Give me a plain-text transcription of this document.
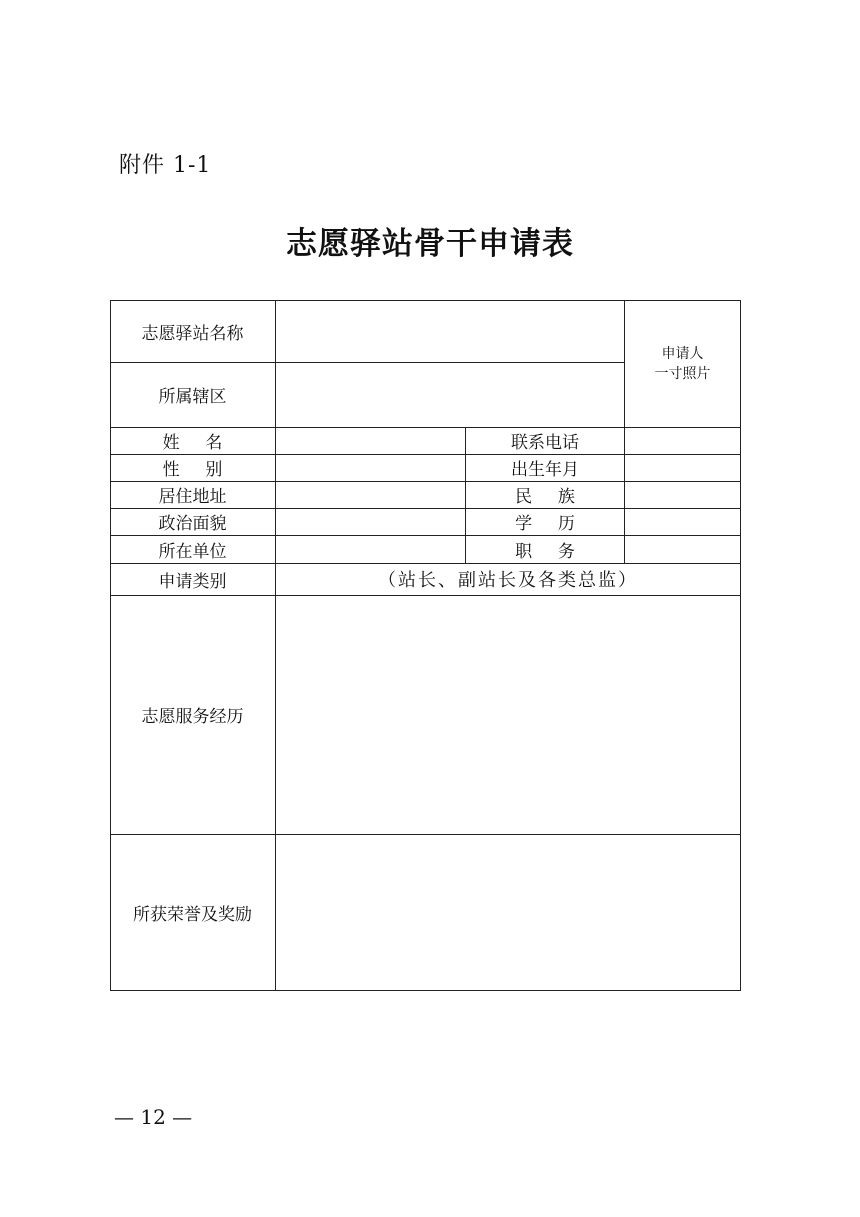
附件 1-1
志愿驿站骨干申请表
志愿驿站名称
所属辖区
申请人
一寸照片
姓 名	联系电话
性 别	出生年月
居住地址	民 族
政治面貌	学 历
所在单位	职 务
申请类别	（站长、副站长及各类总监）
志愿服务经历
所获荣誉及奖励
— 12 —
